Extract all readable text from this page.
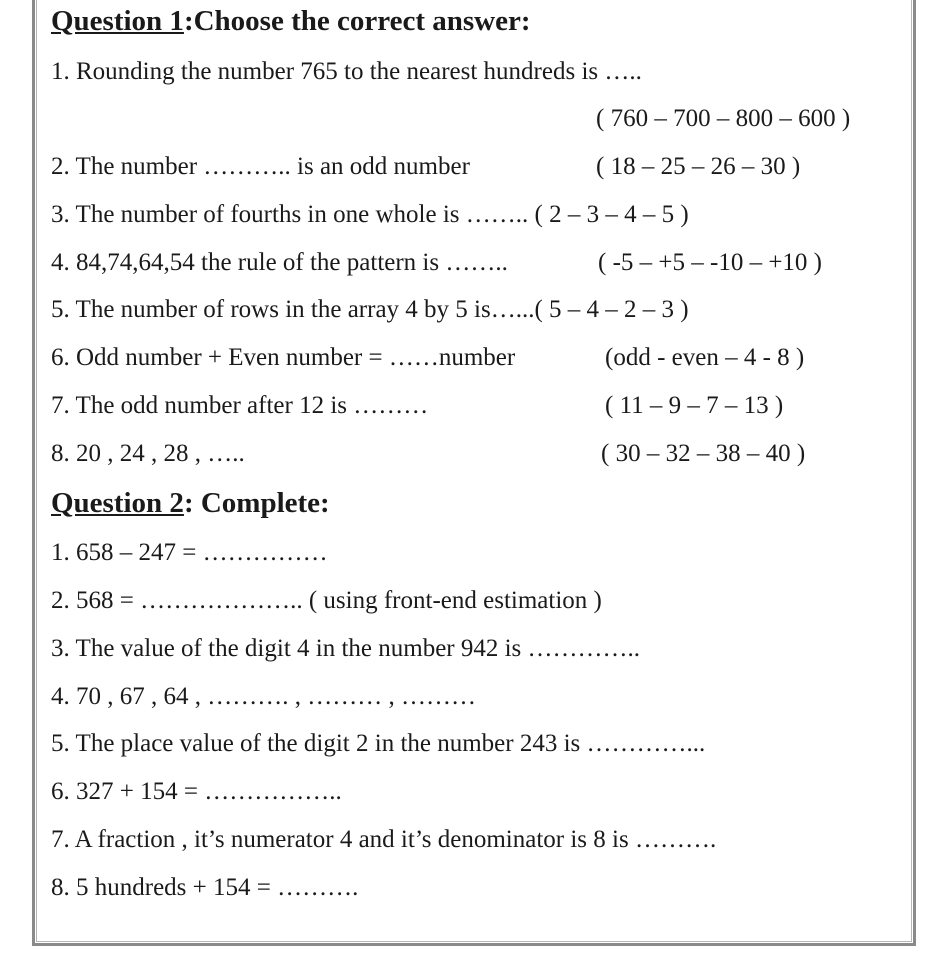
Question 1:Choose the correct answer:
1. Rounding the number 765 to the nearest hundreds is …..
( 760 – 700 – 800 – 600 )
2. The number ……….. is an odd number	( 18 – 25 – 26 – 30 )
3. The number of fourths in one whole is …….. ( 2 – 3 – 4 – 5 )
4. 84,74,64,54 the rule of the pattern is ……..	( -5 – +5 – -10 – +10 )
5. The number of rows in the array 4 by 5 is…...( 5 – 4 – 2 – 3 )
6. Odd number + Even number = ……number	(odd - even – 4 - 8 )
7. The odd number after 12 is ………	( 11 – 9 – 7 – 13 )
8. 20 , 24 , 28 , …..	( 30 – 32 – 38 – 40 )
Question 2: Complete:
1. 658 – 247 = ……………
2. 568 = ……………….. ( using front-end estimation )
3. The value of the digit 4 in the number 942 is …………..
4. 70 , 67 , 64 , ………. , ……… , ………
5. The place value of the digit 2 in the number 243 is …………...
6. 327 + 154 = ……………..
7. A fraction , it’s numerator 4 and it’s denominator is 8 is ……….
8. 5 hundreds + 154 = ……….
